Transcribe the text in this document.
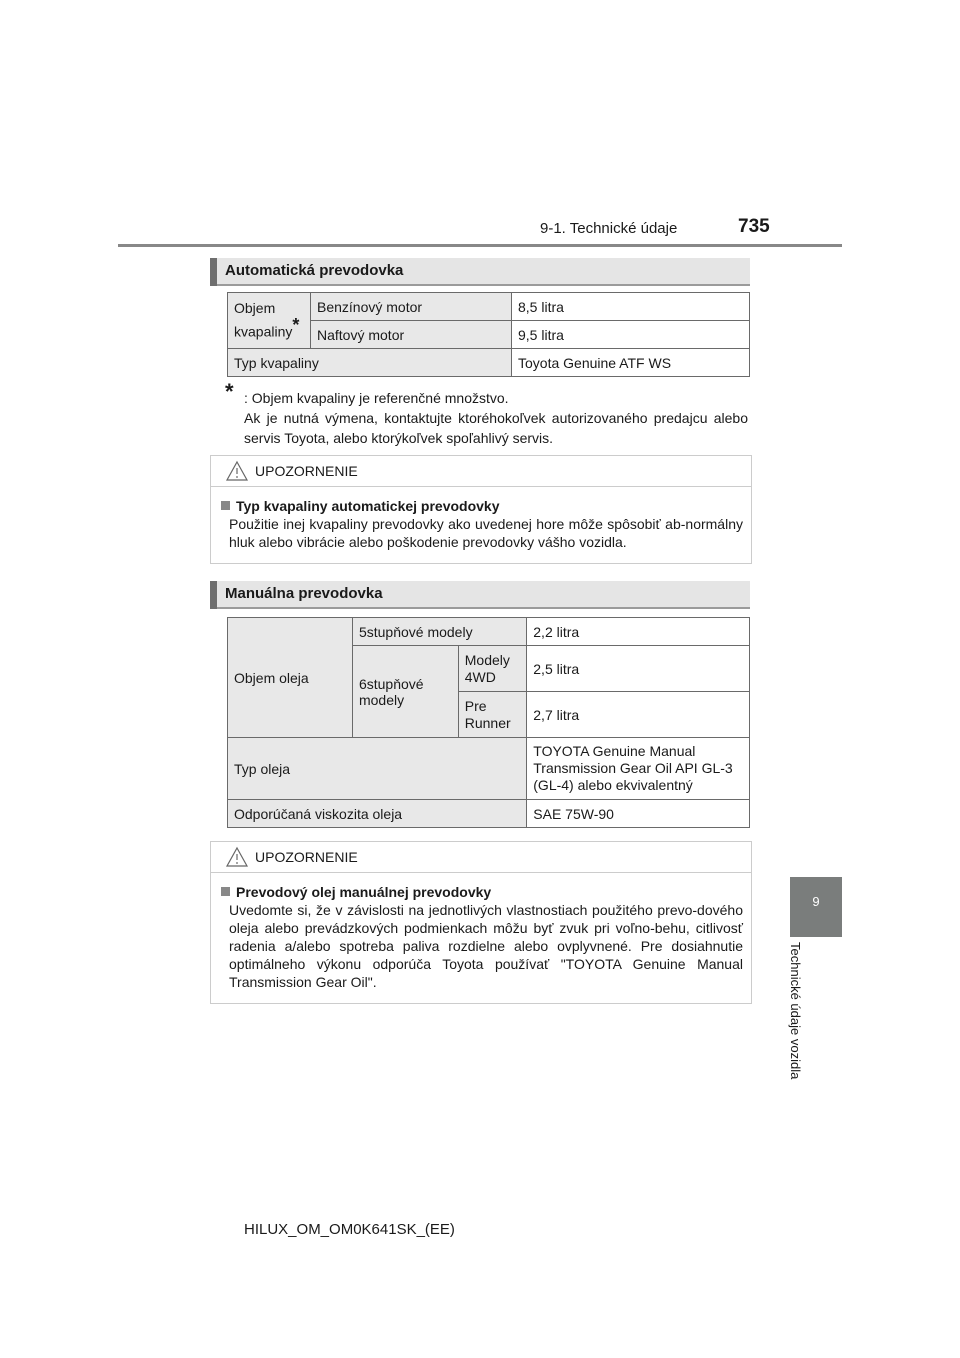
9-1. Technické údaje	735
9
Technické údaje vozidla
Automatická prevodovka
Objem kvapaliny*	Benzínový motor	8,5 litra
	Naftový motor	9,5 litra
Typ kvapaliny		Toyota Genuine ATF WS
* : Objem kvapaliny je referenčné množstvo.
Ak je nutná výmena, kontaktujte ktoréhokoľvek autorizovaného predajcu alebo servis Toyota, alebo ktorýkoľvek spoľahlivý servis.
UPOZORNENIE
Typ kvapaliny automatickej prevodovky
Použitie inej kvapaliny prevodovky ako uvedenej hore môže spôsobiť ab-normálny hluk alebo vibrácie alebo poškodenie prevodovky vášho vozidla.
Manuálna prevodovka
Objem oleja	5stupňové modely		2,2 litra
	6stupňové modely	Modely 4WD	2,5 litra
		Pre Runner	2,7 litra
Typ oleja			TOYOTA Genuine Manual Transmission Gear Oil API GL-3 (GL-4) alebo ekvivalentný
Odporúčaná viskozita oleja			SAE 75W-90
UPOZORNENIE
Prevodový olej manuálnej prevodovky
Uvedomte si, že v závislosti na jednotlivých vlastnostiach použitého prevo-dového oleja alebo prevádzkových podmienkach môžu byť zvuk pri voľno-behu, citlivosť radenia a/alebo spotreba paliva rozdielne alebo ovplyvnené. Pre dosiahnutie optimálneho výkonu odporúča Toyota používať "TOYOTA Genuine Manual Transmission Gear Oil".
HILUX_OM_OM0K641SK_(EE)
